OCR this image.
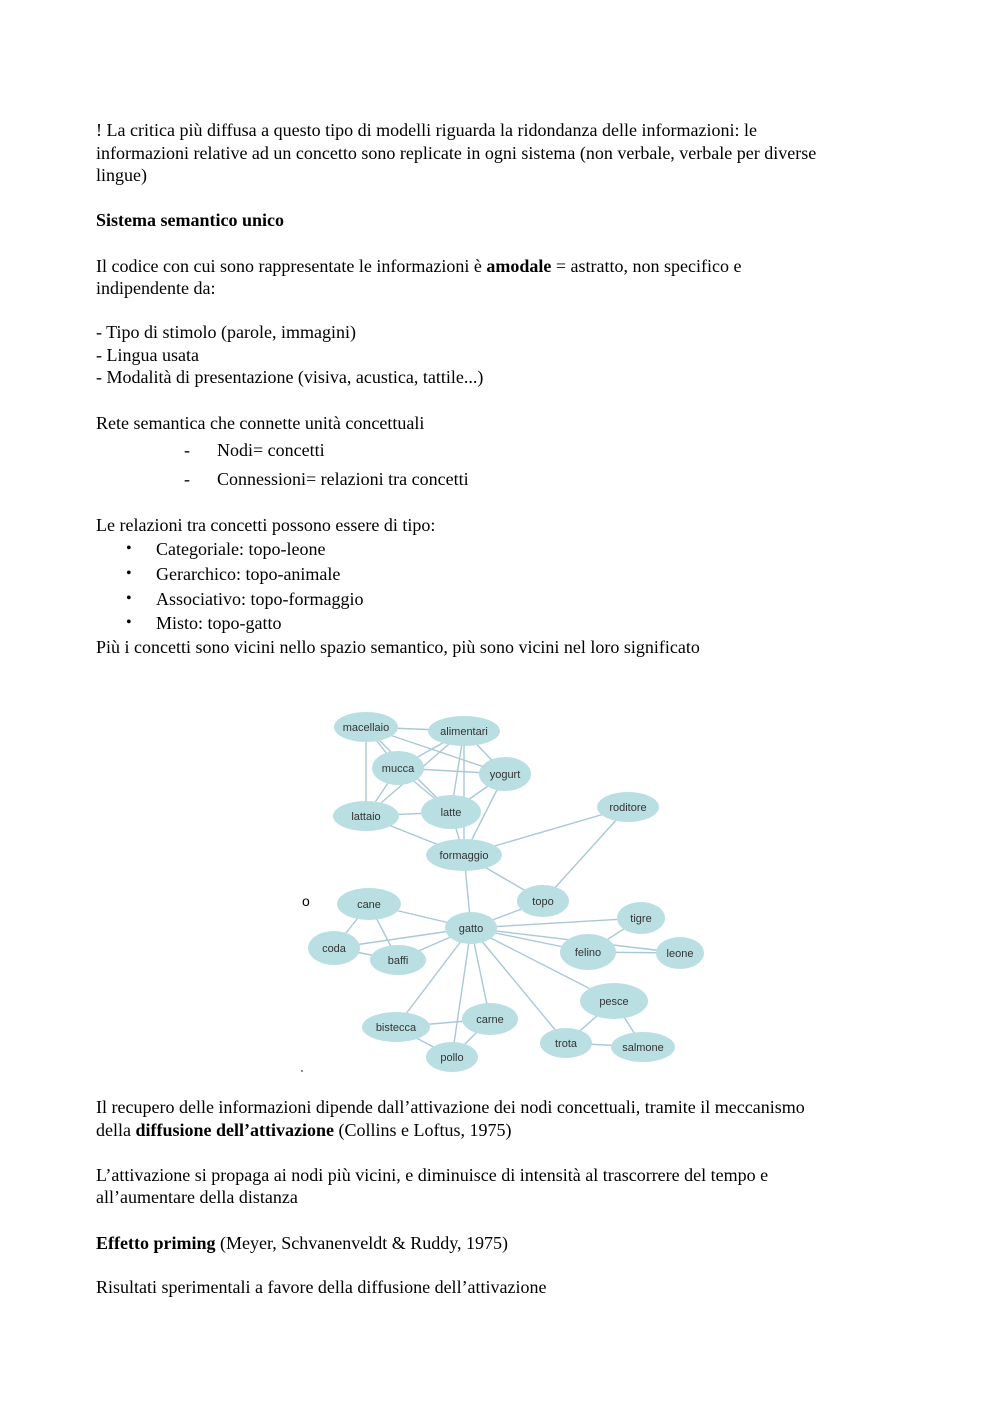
! La critica più diffusa a questo tipo di modelli riguarda la ridondanza delle informazioni: le
informazioni relative ad un concetto sono replicate in ogni sistema (non verbale, verbale per diverse
lingue)
Sistema semantico unico
Il codice con cui sono rappresentate le informazioni è amodale = astratto, non specifico e
indipendente da:
- Tipo di stimolo (parole, immagini)
- Lingua usata
- Modalità di presentazione (visiva, acustica, tattile...)
Rete semantica che connette unità concettuali
- Nodi= concetti
- Connessioni= relazioni tra concetti
Le relazioni tra concetti possono essere di tipo:
• Categoriale: topo-leone
• Gerarchico: topo-animale
• Associativo: topo-formaggio
• Misto: topo-gatto
Più i concetti sono vicini nello spazio semantico, più sono vicini nel loro significato
macellaio	alimentari
mucca	yogurt
lattaio	latte	roditore
formaggio
topo
cane
gatto
tigre
coda
baffi
felino	leone
pesce
carne
bistecca
trota	salmone
pollo
o
Il recupero delle informazioni dipende dall’attivazione dei nodi concettuali, tramite il meccanismo
della diffusione dell’attivazione (Collins e Loftus, 1975)
L’attivazione si propaga ai nodi più vicini, e diminuisce di intensità al trascorrere del tempo e
all’aumentare della distanza
Effetto priming (Meyer, Schvanenveldt & Ruddy, 1975)
Risultati sperimentali a favore della diffusione dell’attivazione
